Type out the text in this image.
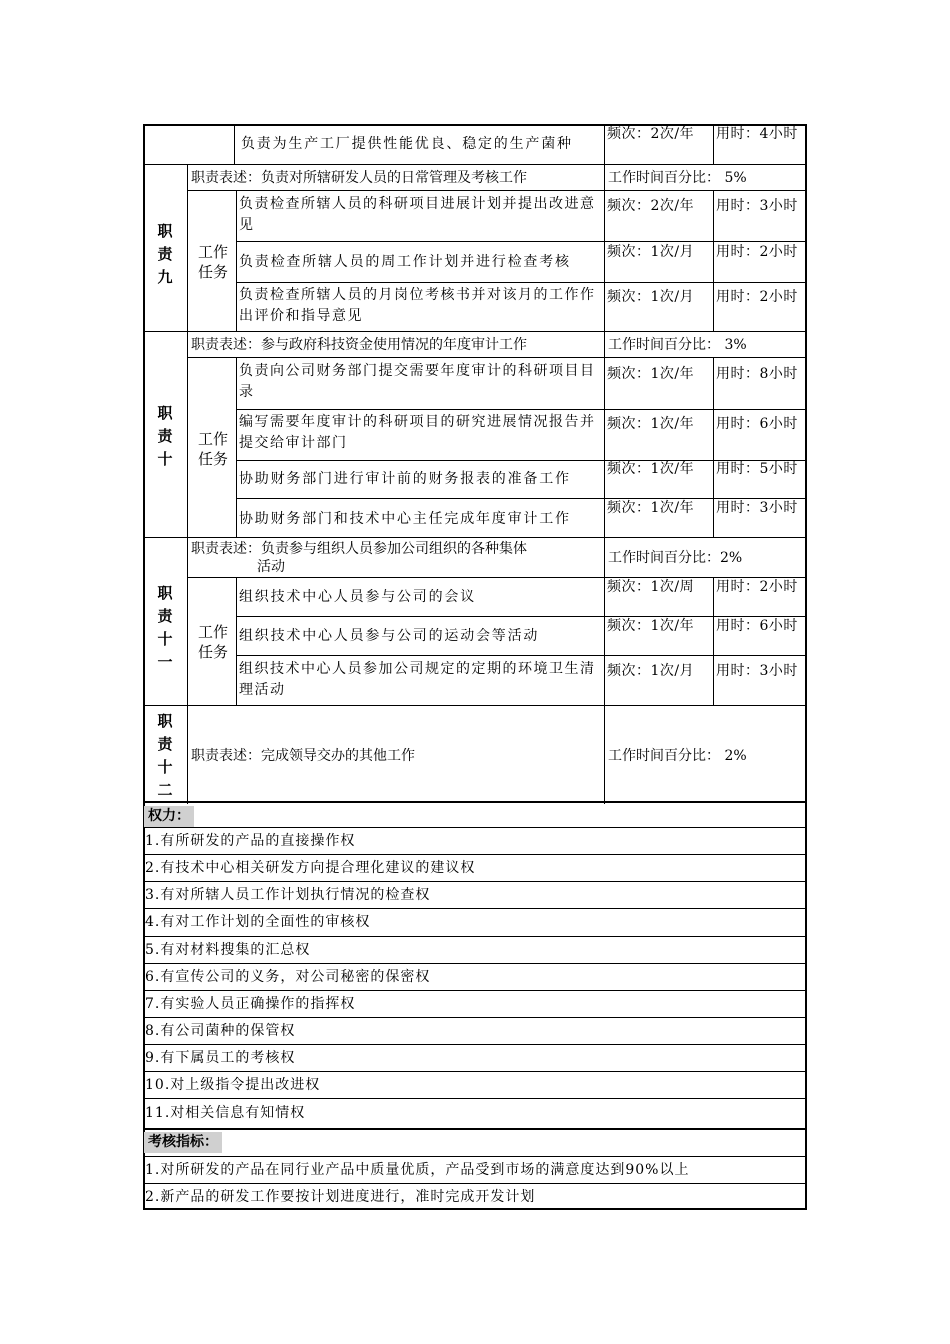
负责为生产工厂提供性能优良、稳定的生产菌种
频次：2次/年	用时：4小时
职责九
职责表述：负责对所辖研发人员的日常管理及考核工作	工作时间百分比： 5%
工作任务
负责检查所辖人员的科研项目进展计划并提出改进意见
频次：2次/年	用时：3小时
负责检查所辖人员的周工作计划并进行检查考核
频次：1次/月	用时：2小时
负责检查所辖人员的月岗位考核书并对该月的工作作出评价和指导意见
频次：1次/月	用时：2小时
职责十
职责表述：参与政府科技资金使用情况的年度审计工作	工作时间百分比： 3%
工作任务
负责向公司财务部门提交需要年度审计的科研项目目录
频次：1次/年	用时：8小时
编写需要年度审计的科研项目的研究进展情况报告并提交给审计部门
频次：1次/年	用时：6小时
协助财务部门进行审计前的财务报表的准备工作
频次：1次/年	用时：5小时
协助财务部门和技术中心主任完成年度审计工作
频次：1次/年	用时：3小时
职责十一
职责表述：负责参与组织人员参加公司组织的各种集体
活动
工作时间百分比：2%
工作任务
组织技术中心人员参与公司的会议
频次：1次/周	用时：2小时
组织技术中心人员参与公司的运动会等活动
频次：1次/年	用时：6小时
组织技术中心人员参加公司规定的定期的环境卫生清理活动
频次：1次/月	用时：3小时
职责十二
职责表述：完成领导交办的其他工作	工作时间百分比： 2%
权力：
1.有所研发的产品的直接操作权
2.有技术中心相关研发方向提合理化建议的建议权
3.有对所辖人员工作计划执行情况的检查权
4.有对工作计划的全面性的审核权
5.有对材料搜集的汇总权
6.有宣传公司的义务，对公司秘密的保密权
7.有实验人员正确操作的指挥权
8.有公司菌种的保管权
9.有下属员工的考核权
10.对上级指令提出改进权
11.对相关信息有知情权
考核指标：
1.对所研发的产品在同行业产品中质量优质，产品受到市场的满意度达到90%以上
2.新产品的研发工作要按计划进度进行，准时完成开发计划
